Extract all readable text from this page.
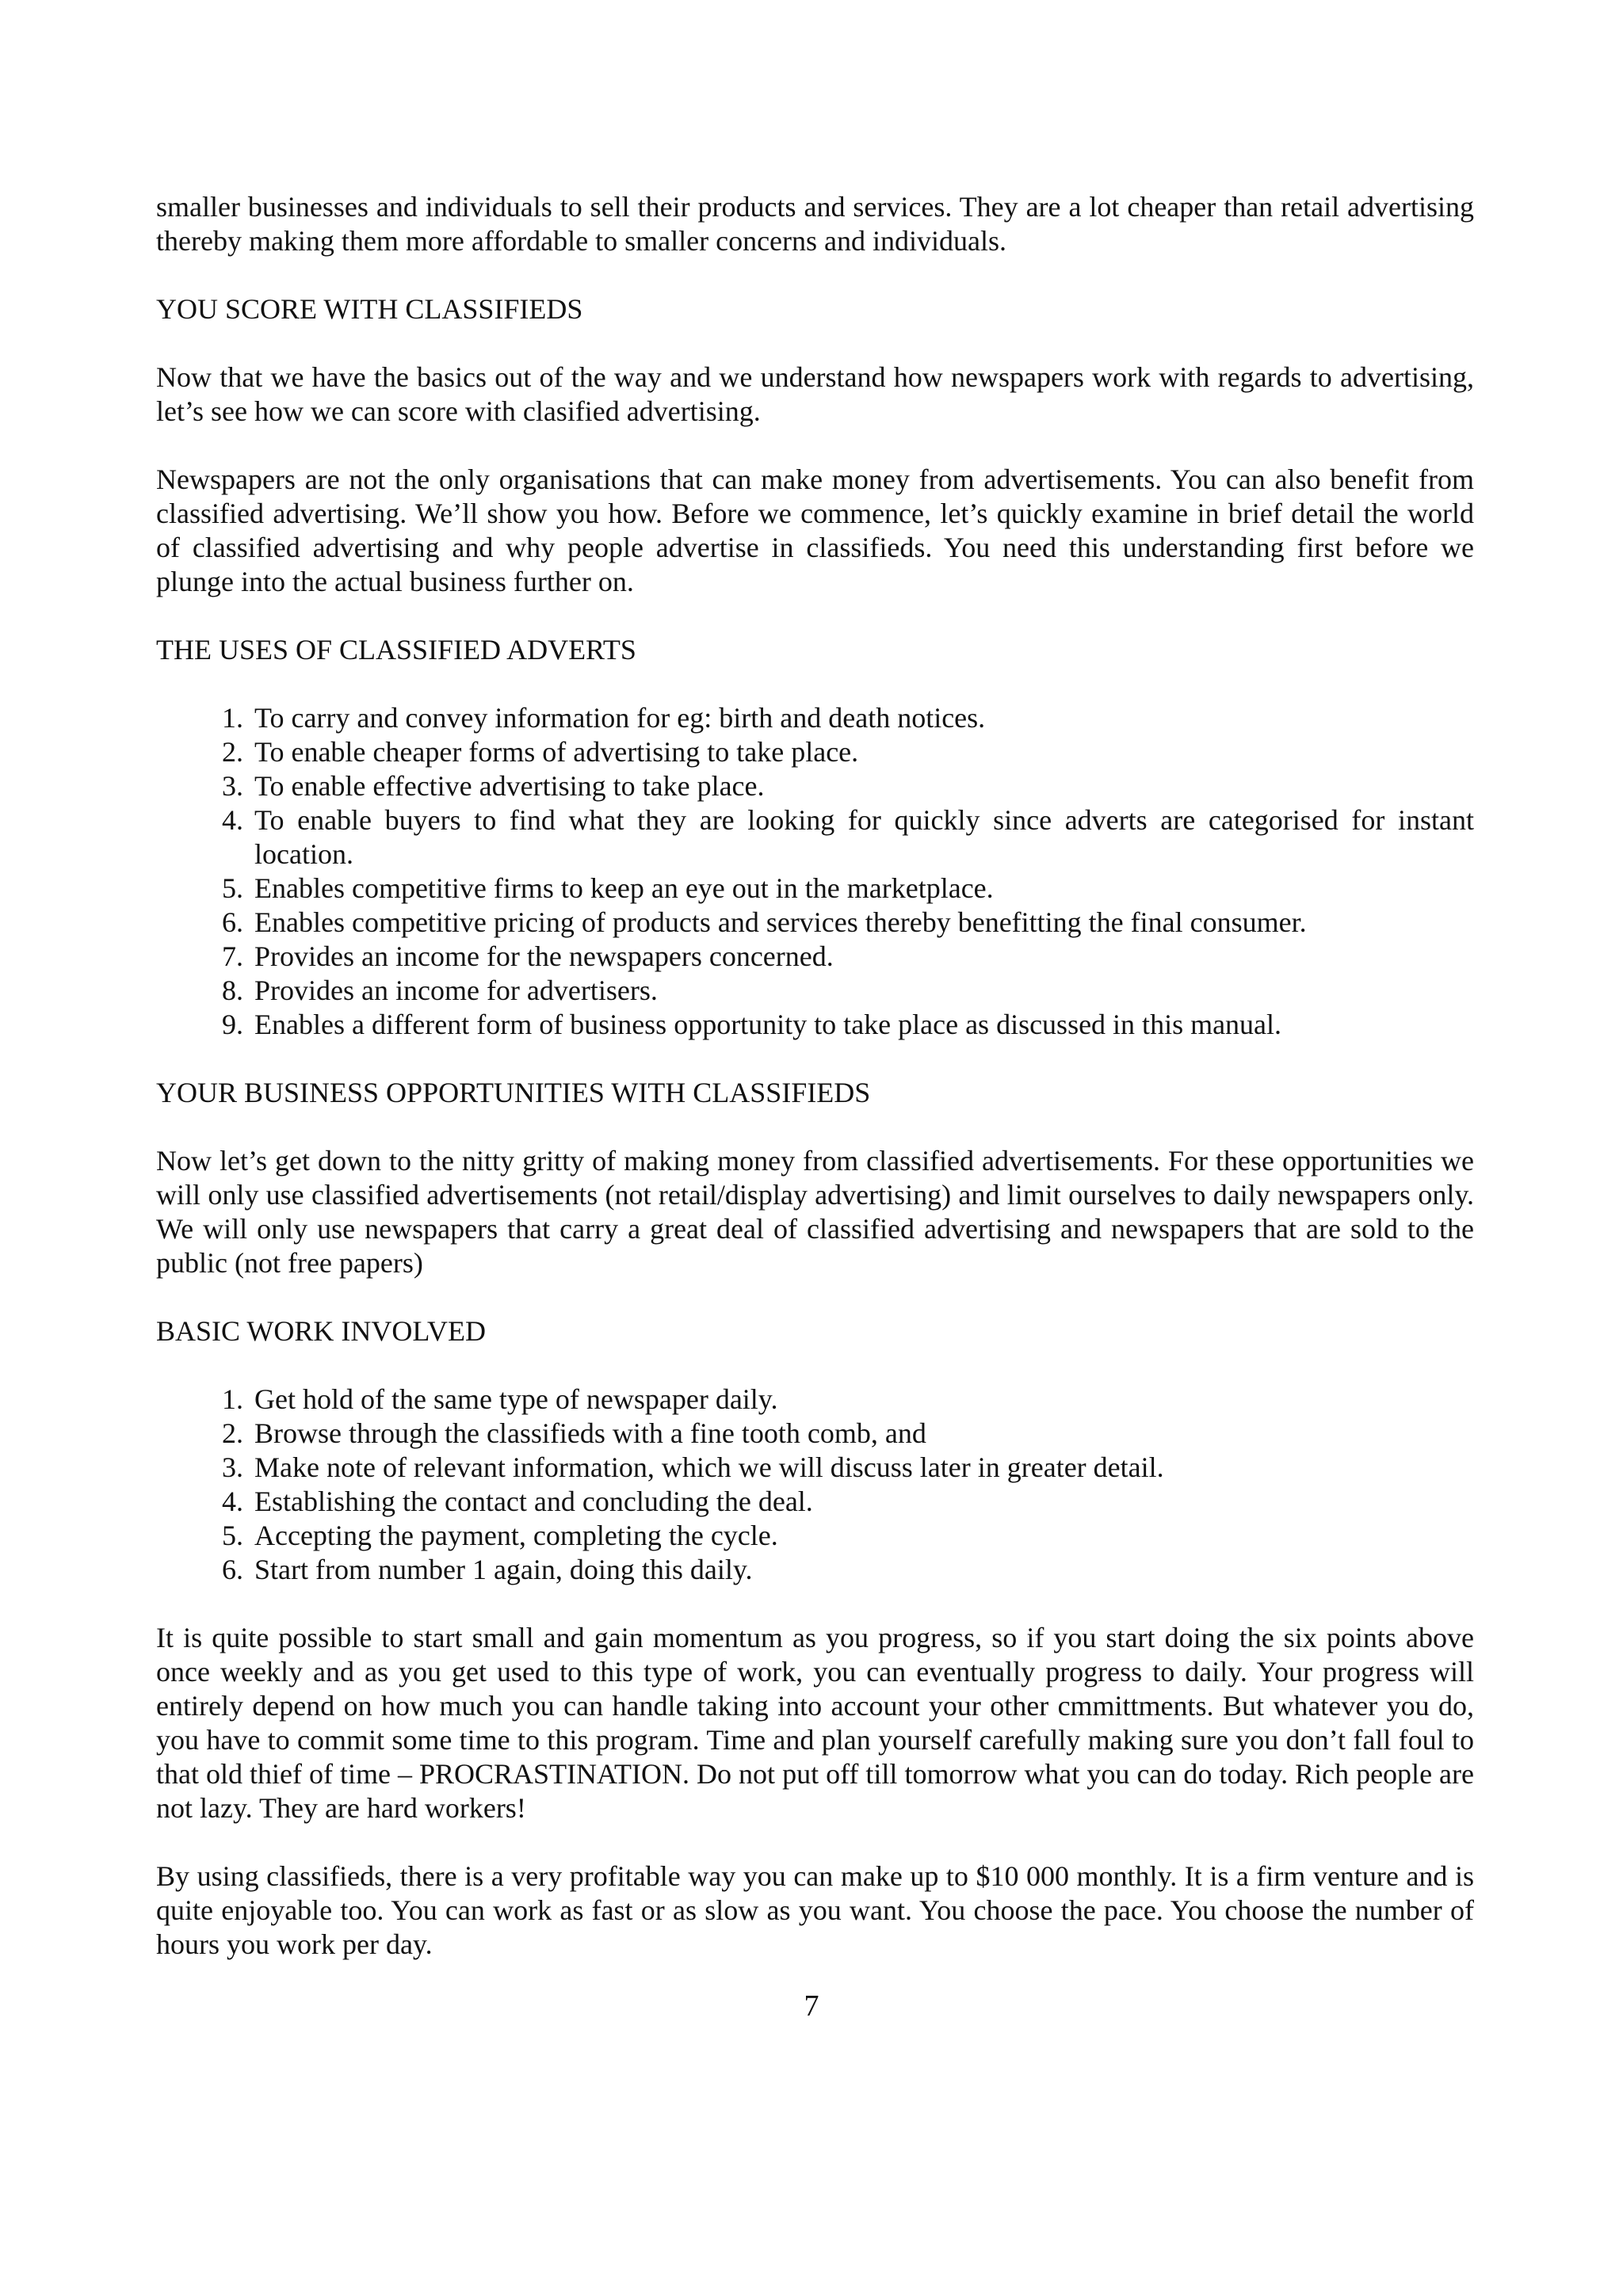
smaller businesses and individuals to sell their products and services. They are a lot cheaper than retail advertising thereby making them more affordable to smaller concerns and individuals.

YOU SCORE WITH CLASSIFIEDS

Now that we have the basics out of the way and we understand how newspapers work with regards to advertising, let’s see how we can score with clasified advertising.

Newspapers are not the only organisations that can make money from advertisements. You can also benefit from classified advertising. We’ll show you how. Before we commence, let’s quickly examine in brief detail the world of classified advertising and why people advertise in classifieds. You need this understanding first before we plunge into the actual business further on.

THE USES OF CLASSIFIED ADVERTS
1. To carry and convey information for eg: birth and death notices.
2. To enable cheaper forms of advertising to take place.
3. To enable effective advertising to take place.
4. To enable buyers to find what they are looking for quickly since adverts are categorised for instant location.
5. Enables competitive firms to keep an eye out in the marketplace.
6. Enables competitive pricing of products and services thereby benefitting the final consumer.
7. Provides an income for the newspapers concerned.
8. Provides an income for advertisers.
9. Enables a different form of business opportunity to take place as discussed in this manual.
YOUR BUSINESS OPPORTUNITIES WITH CLASSIFIEDS

Now let’s get down to the nitty gritty of making money from classified advertisements. For these opportunities we will only use classified advertisements (not retail/display advertising) and limit ourselves to daily newspapers only. We will only use newspapers that carry a great deal of classified advertising and newspapers that are sold to the public (not free papers)

BASIC WORK INVOLVED
1. Get hold of the same type of newspaper daily.
2. Browse through the classifieds with a fine tooth comb, and
3. Make note of relevant information, which we will discuss later in greater detail.
4. Establishing the contact and concluding the deal.
5. Accepting the payment, completing the cycle.
6. Start from number 1 again, doing this daily.

It is quite possible to start small and gain momentum as you progress, so if you start doing the six points above once weekly and as you get used to this type of work, you can eventually progress to daily. Your progress will entirely depend on how much you can handle taking into account your other cmmittments. But whatever you do, you have to commit some time to this program. Time and plan yourself carefully making sure you don’t fall foul to that old thief of time – PROCRASTINATION. Do not put off till tomorrow what you can do today. Rich people are not lazy. They are hard workers!

By using classifieds, there is a very profitable way you can make up to $10 000 monthly. It is a firm venture and is quite enjoyable too. You can work as fast or as slow as you want. You choose the pace. You choose the number of hours you work per day.

7
